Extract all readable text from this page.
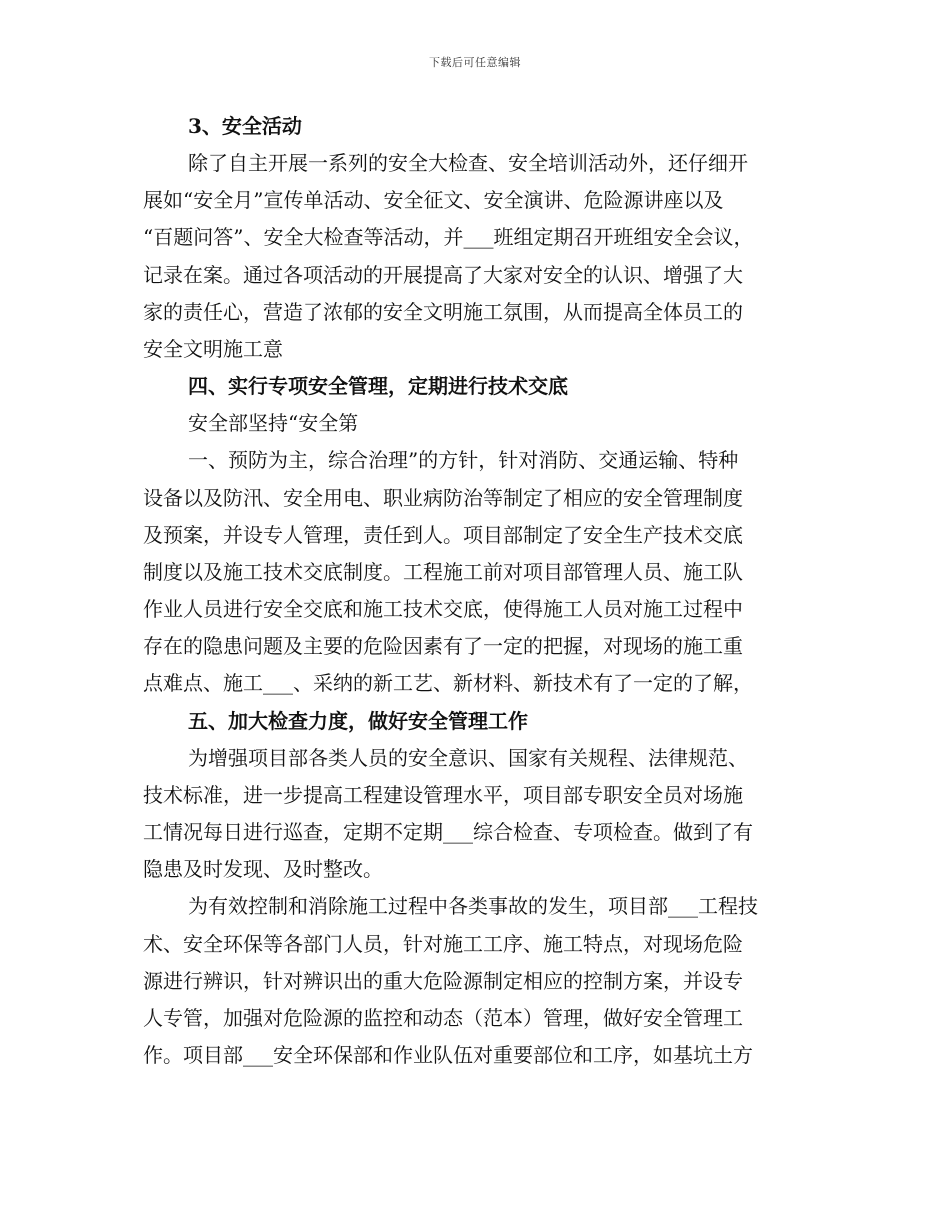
下载后可任意编辑
3、安全活动
除了自主开展一系列的安全大检查、安全培训活动外，还仔细开
展如“安全月”宣传单活动、安全征文、安全演讲、危险源讲座以及
“百题问答”、安全大检查等活动，并___班组定期召开班组安全会议，
记录在案。通过各项活动的开展提高了大家对安全的认识、增强了大
家的责任心，营造了浓郁的安全文明施工氛围，从而提高全体员工的
安全文明施工意
四、实行专项安全管理，定期进行技术交底
安全部坚持“安全第
一、预防为主，综合治理”的方针，针对消防、交通运输、特种
设备以及防汛、安全用电、职业病防治等制定了相应的安全管理制度
及预案，并设专人管理，责任到人。项目部制定了安全生产技术交底
制度以及施工技术交底制度。工程施工前对项目部管理人员、施工队
作业人员进行安全交底和施工技术交底，使得施工人员对施工过程中
存在的隐患问题及主要的危险因素有了一定的把握，对现场的施工重
点难点、施工___、采纳的新工艺、新材料、新技术有了一定的了解，
五、加大检查力度，做好安全管理工作
为增强项目部各类人员的安全意识、国家有关规程、法律规范、
技术标准，进一步提高工程建设管理水平，项目部专职安全员对场施
工情况每日进行巡查，定期不定期___综合检查、专项检查。做到了有
隐患及时发现、及时整改。
为有效控制和消除施工过程中各类事故的发生，项目部___工程技
术、安全环保等各部门人员，针对施工工序、施工特点，对现场危险
源进行辨识，针对辨识出的重大危险源制定相应的控制方案，并设专
人专管，加强对危险源的监控和动态（范本）管理，做好安全管理工
作。项目部___安全环保部和作业队伍对重要部位和工序，如基坑土方
